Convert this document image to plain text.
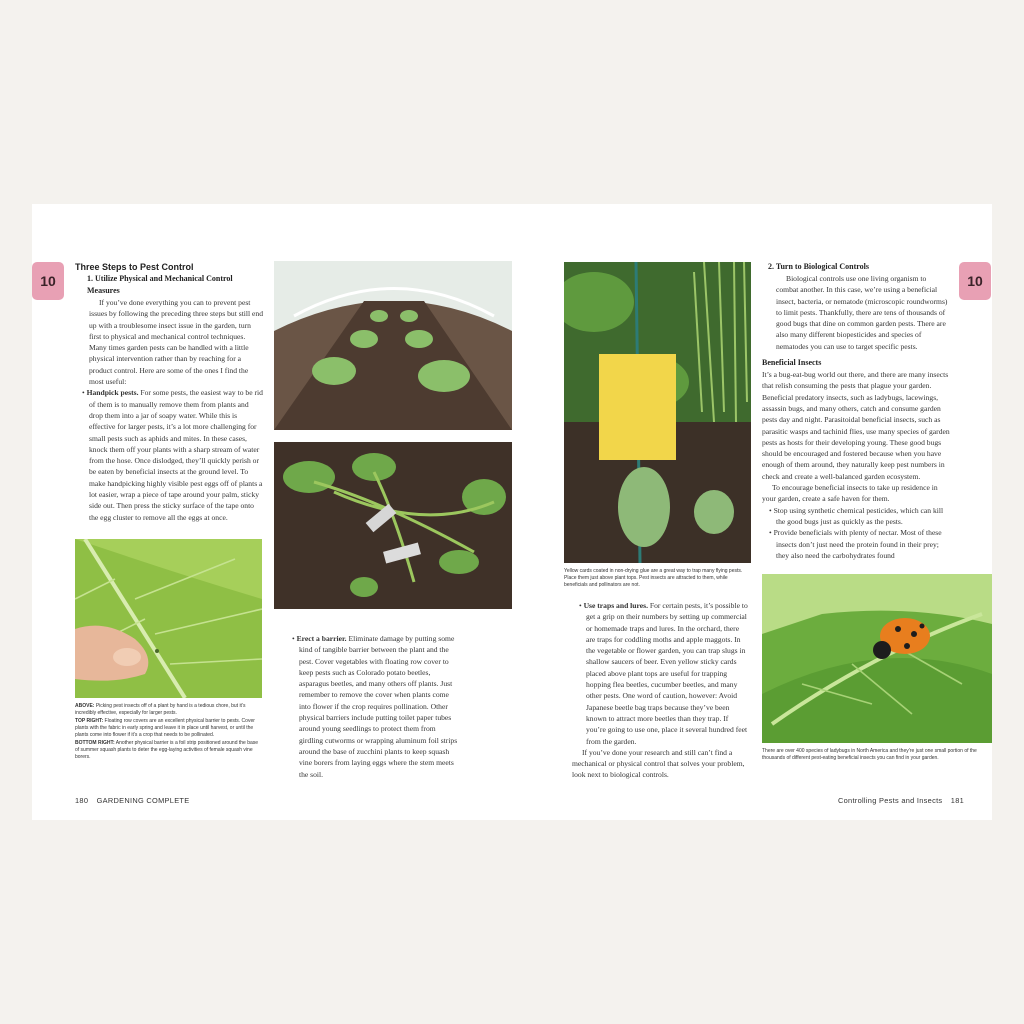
10	10
Three Steps to Pest Control
1. Utilize Physical and Mechanical Control Measures

If you’ve done everything you can to prevent pest issues by following the preceding three steps but still end up with a troublesome insect issue in the garden, turn first to physical and mechanical control techniques. Many times garden pests can be handled with a little physical intervention rather than by reaching for a product control. Here are some of the ones I find the most useful:

• Handpick pests. For some pests, the easiest way to be rid of them is to manually remove them from plants and drop them into a jar of soapy water. While this is effective for larger pests, it’s a lot more challenging for small pests such as aphids and mites. In these cases, knock them off your plants with a sharp stream of water from the hose. Once dislodged, they’ll quickly perish or be eaten by beneficial insects at the ground level. To make handpicking highly visible pest eggs off of plants a lot easier, wrap a piece of tape around your palm, sticky side out. Then press the sticky surface of the tape onto the egg cluster to remove all the eggs at once.

ABOVE: Picking pest insects off of a plant by hand is a tedious chore, but it’s incredibly effective, especially for larger pests.

TOP RIGHT: Floating row covers are an excellent physical barrier to pests. Cover plants with the fabric in early spring and leave it in place until harvest, or until the plants come into flower if it’s a crop that needs to be pollinated.

BOTTOM RIGHT: Another physical barrier is a foil strip positioned around the base of summer squash plants to deter the egg-laying activities of female squash vine borers.

• Erect a barrier. Eliminate damage by putting some kind of tangible barrier between the plant and the pest. Cover vegetables with floating row cover to keep pests such as Colorado potato beetles, asparagus beetles, and many others off plants. Just remember to remove the cover when plants come into flower if the crop requires pollination. Other physical barriers include putting toilet paper tubes around young seedlings to protect them from girdling cutworms or wrapping aluminum foil strips around the base of zucchini plants to keep squash vine borers from laying eggs where the stem meets the soil.

180 GARDENING COMPLETE
Yellow cards coated in non-drying glue are a great way to trap many flying pests. Place them just above plant tops. Pest insects are attracted to them, while beneficials and pollinators are not.

• Use traps and lures. For certain pests, it’s possible to get a grip on their numbers by setting up commercial or homemade traps and lures. In the orchard, there are traps for coddling moths and apple maggots. In the vegetable or flower garden, you can trap slugs in shallow saucers of beer. Even yellow sticky cards placed above plant tops are useful for trapping hopping flea beetles, cucumber beetles, and many other pests. One word of caution, however: Avoid Japanese beetle bag traps because they’ve been known to attract more beetles than they trap. If you’re going to use one, place it several hundred feet from the garden.

If you’ve done your research and still can’t find a mechanical or physical control that solves your problem, look next to biological controls.

2. Turn to Biological Controls

Biological controls use one living organism to combat another. In this case, we’re using a beneficial insect, bacteria, or nematode (microscopic roundworms) to limit pests. Thankfully, there are tens of thousands of good bugs that dine on common garden pests. There are also many different biopesticides and species of nematodes you can use to target specific pests.

Beneficial Insects

It’s a bug-eat-bug world out there, and there are many insects that relish consuming the pests that plague your garden. Beneficial predatory insects, such as ladybugs, lacewings, assassin bugs, and many others, catch and consume garden pests day and night. Parasitoidal beneficial insects, such as parasitic wasps and tachinid flies, use many species of garden pests as hosts for their developing young. These good bugs should be encouraged and fostered because when you have enough of them around, they naturally keep pest numbers in check and create a well-balanced garden ecosystem.

To encourage beneficial insects to take up residence in your garden, create a safe haven for them.

• Stop using synthetic chemical pesticides, which can kill the good bugs just as quickly as the pests.

• Provide beneficials with plenty of nectar. Most of these insects don’t just need the protein found in their prey; they also need the carbohydrates found

There are over 400 species of ladybugs in North America and they’re just one small portion of the thousands of different pest-eating beneficial insects you can find in your garden.
Controlling Pests and Insects 181
